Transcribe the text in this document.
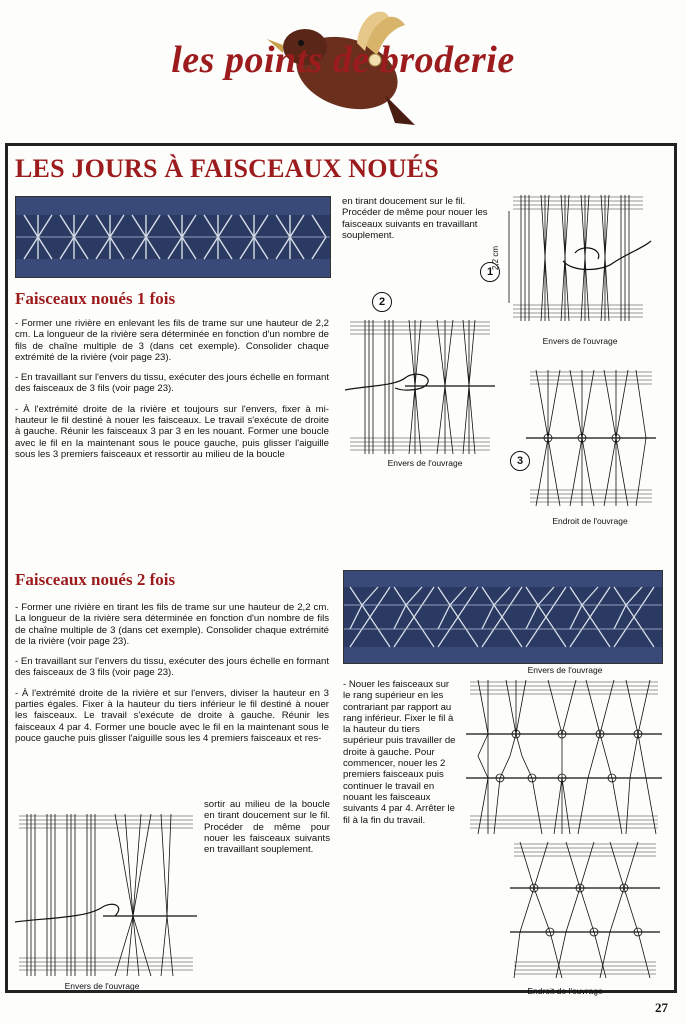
les points de broderie
LES JOURS À FAISCEAUX NOUÉS
en tirant doucement sur le fil. Procéder de même pour nouer les faisceaux suivants en travaillant souplement.
Faisceaux noués 1 fois

- Former une rivière en enlevant les fils de trame sur une hauteur de 2,2 cm. La longueur de la rivière sera déterminée en fonction d'un nombre de fils de chaîne multiple de 3 (dans cet exemple). Consolider chaque extrémité de la rivière (voir page 23).

- En travaillant sur l'envers du tissu, exécuter des jours échelle en formant des faisceaux de 3 fils (voir page 23).

- À l'extrémité droite de la rivière et toujours sur l'envers, fixer à mi-hauteur le fil destiné à nouer les faisceaux. Le travail s'exécute de droite à gauche. Réunir les faisceaux 3 par 3 en les nouant. Former une boucle avec le fil en la maintenant sous le pouce gauche, puis glisser l'aiguille sous les 3 premiers faisceaux et ressortir au milieu de la boucle

1
2,2 cm
Envers de l'ouvrage
2
Envers de l'ouvrage	3
Endroit de l'ouvrage
Faisceaux noués 2 fois

- Former une rivière en tirant les fils de trame sur une hauteur de 2,2 cm. La longueur de la rivière sera déterminée en fonction d'un nombre de fils de chaîne multiple de 3 (dans cet exemple). Consolider chaque extrémité de la rivière (voir page 23).

- En travaillant sur l'envers du tissu, exécuter des jours échelle en formant des faisceaux de 3 fils (voir page 23).

- À l'extrémité droite de la rivière et sur l'envers, diviser la hauteur en 3 parties égales. Fixer à la hauteur du tiers inférieur le fil destiné à nouer les faisceaux. Le travail s'exécute de droite à gauche. Réunir les faisceaux 4 par 4. Former une boucle avec le fil en la maintenant sous le pouce gauche puis glisser l'aiguille sous les 4 premiers faisceaux et res-

sortir au milieu de la boucle en tirant doucement sur le fil. Procéder de même pour nouer les faisceaux suivants en travaillant souplement.
Envers de l'ouvrage
- Nouer les faisceaux sur le rang supérieur en les contrariant par rapport au rang inférieur. Fixer le fil à la hauteur du tiers supérieur puis travailler de droite à gauche. Pour commencer, nouer les 2 premiers faisceaux puis continuer le travail en nouant les faisceaux suivants 4 par 4. Arrêter le fil à la fin du travail.
Endroit de l'ouvrage
Envers de l'ouvrage
27
